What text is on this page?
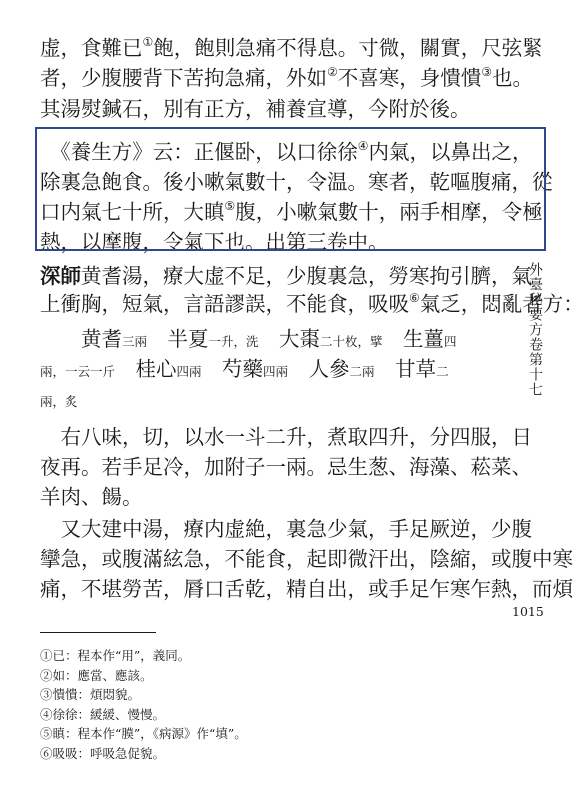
虚，食難已①飽，飽則急痛不得息。寸微，關實，尺弦緊
者，少腹腰背下苦拘急痛，外如②不喜寒，身憒憒③也。
其湯熨鍼石，別有正方，補養宣導，今附於後。
　《養生方》云：正偃卧，以口徐徐④内氣，以鼻出之，
除裏急飽食。後小嗽氣數十，令温。寒者，乾嘔腹痛，從
口内氣七十所，大瞋⑤腹，小嗽氣數十，兩手相摩，令極
熱，以摩腹，令氣下也。出第三卷中。
深師黄耆湯，療大虚不足，少腹裏急，勞寒拘引臍，氣
上衝胸，短氣，言語謬誤，不能食，吸吸⑥氣乏，悶亂者方：
　　黄耆三兩　半夏一升，洗　大棗二十枚，擘　生薑四
兩，一云一斤　桂心四兩　芍藥四兩　人參二兩　甘草二
兩，炙
　右八味，切，以水一斗二升，煮取四升，分四服，日
夜再。若手足冷，加附子一兩。忌生葱、海藻、菘菜、
羊肉、餳。
　又大建中湯，療内虚絶，裏急少氣，手足厥逆，少腹
攣急，或腹滿絃急，不能食，起即微汗出，陰縮，或腹中寒
痛，不堪勞苦，脣口舌乾，精自出，或手足乍寒乍熱，而煩
外臺秘要方卷第十七
1015
①已：程本作“用”，義同。
②如：應當、應該。
③憒憒：煩悶貌。
④徐徐：緩緩、慢慢。
⑤瞋：程本作“膜”，《病源》作“填”。
⑥吸吸：呼吸急促貌。
